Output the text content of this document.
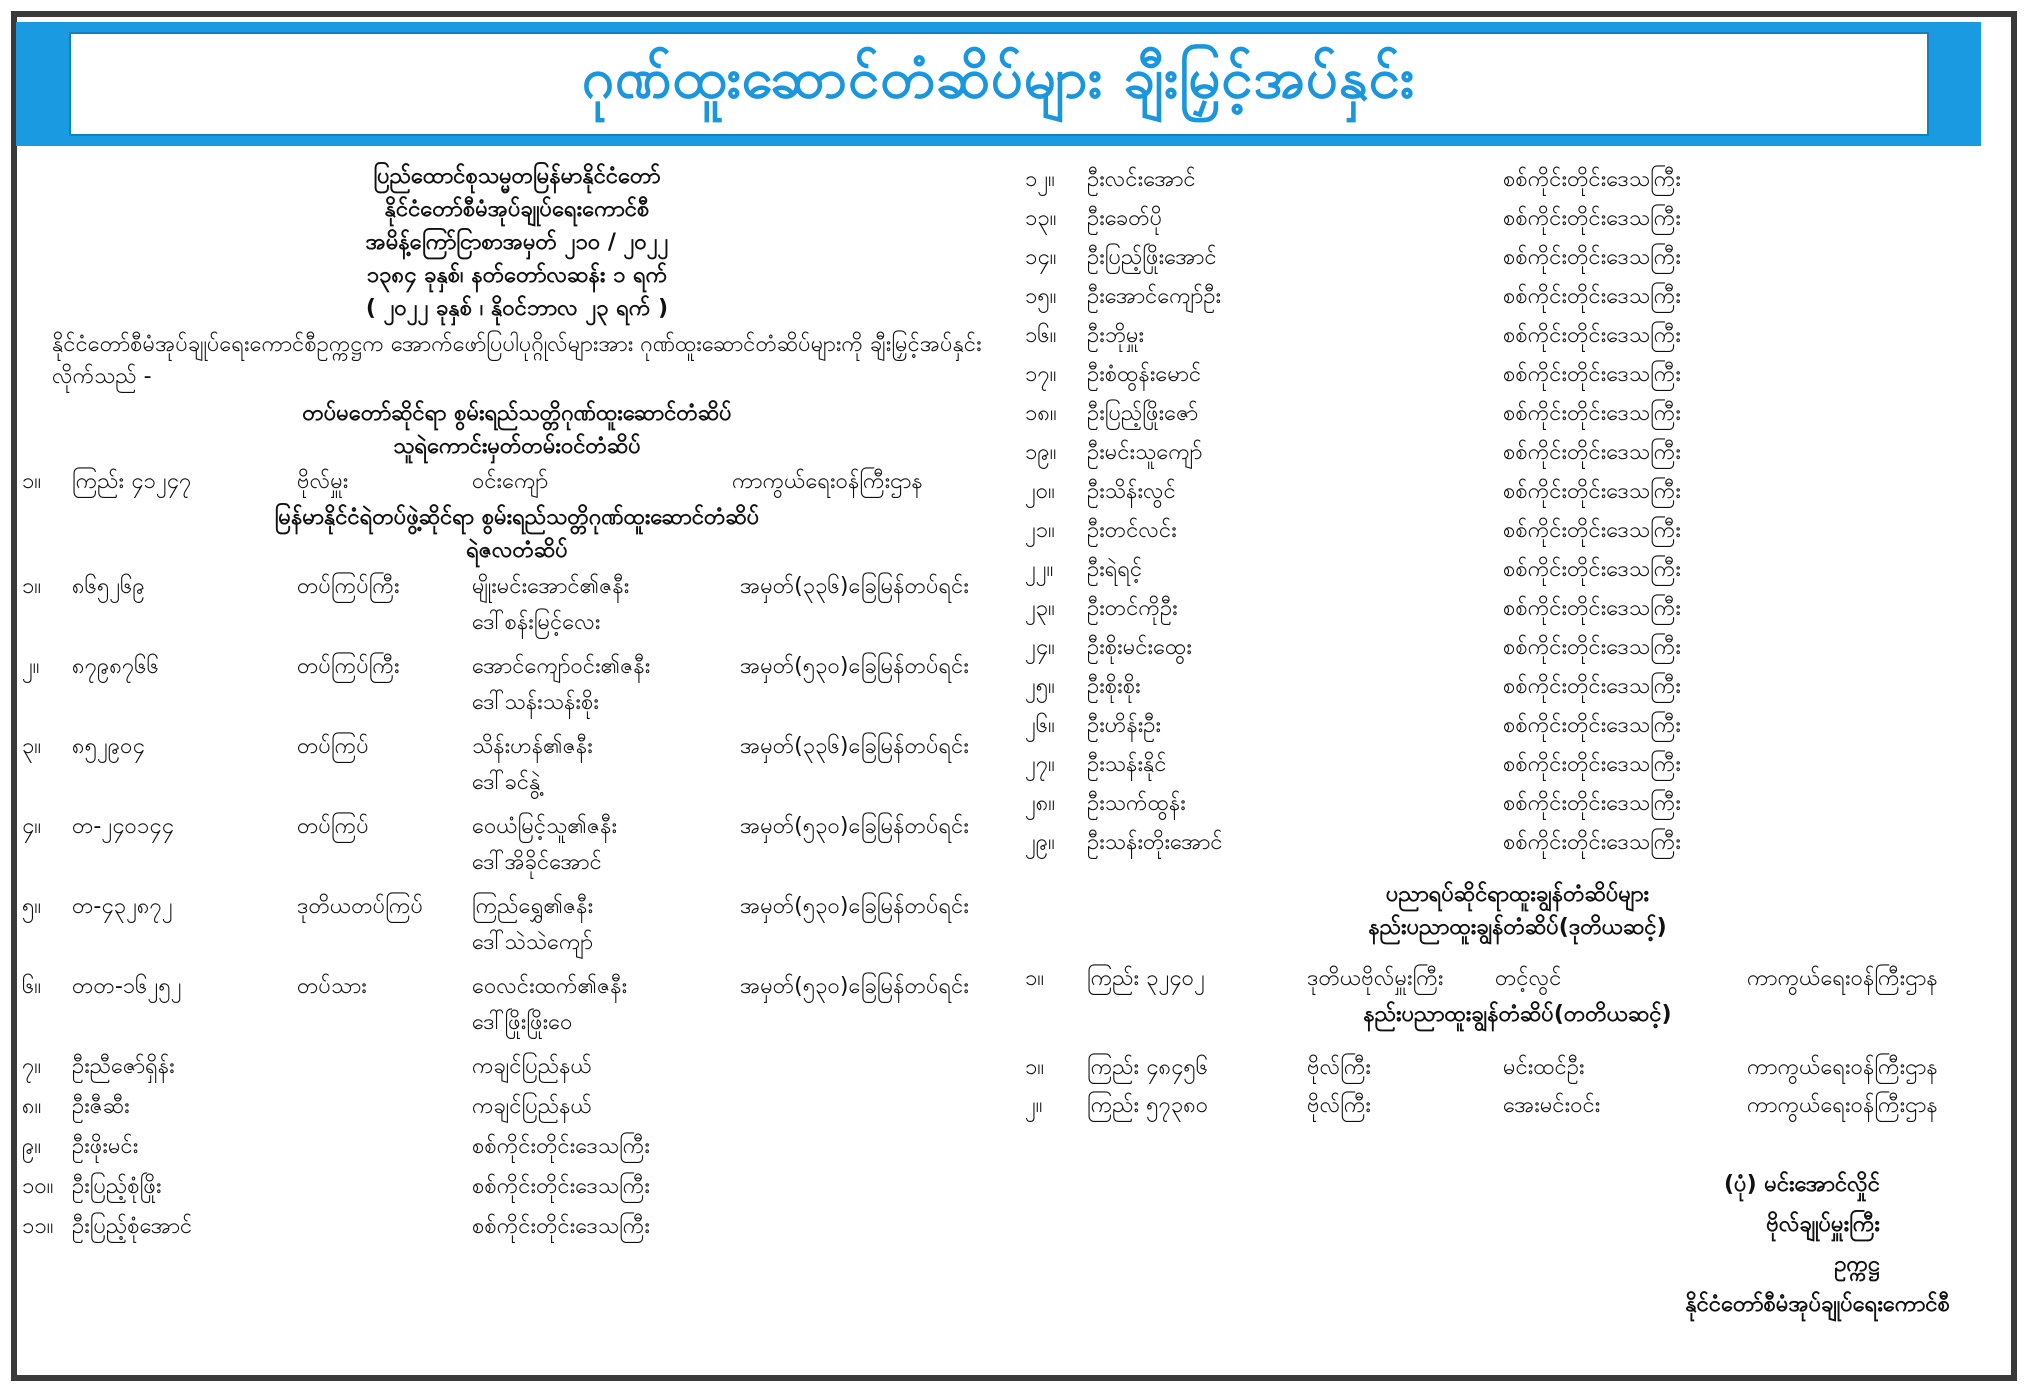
ဂုဏ်ထူးဆောင်တံဆိပ်များ ချီးမြှင့်အပ်နှင်း
ပြည်ထောင်စုသမ္မတမြန်မာနိုင်ငံတော်
နိုင်ငံတော်စီမံအုပ်ချုပ်ရေးကောင်စီ
အမိန့်ကြော်ငြာစာအမှတ် ၂၁၀ / ၂၀၂၂
၁၃၈၄ ခုနှစ်၊ နတ်တော်လဆန်း ၁ ရက်
( ၂၀၂၂ ခုနှစ် ၊ နိုဝင်ဘာလ ၂၃ ရက် )
နိုင်ငံတော်စီမံအုပ်ချုပ်ရေးကောင်စီဥက္ကဋ္ဌက အောက်ဖော်ပြပါပုဂ္ဂိုလ်များအား ဂုဏ်ထူးဆောင်တံဆိပ်များကို ချီးမြှင့်အပ်နှင်းလိုက်သည် -
တပ်မတော်ဆိုင်ရာ စွမ်းရည်သတ္တိဂုဏ်ထူးဆောင်တံဆိပ်
သူရဲကောင်းမှတ်တမ်းဝင်တံဆိပ်
၁။ ကြည်း ၄၁၂၄၇	ဗိုလ်မှူး	ဝင်းကျော်	ကာကွယ်ရေးဝန်ကြီးဌာန
မြန်မာနိုင်ငံရဲတပ်ဖွဲ့ဆိုင်ရာ စွမ်းရည်သတ္တိဂုဏ်ထူးဆောင်တံဆိပ်
ရဲဇလတံဆိပ်
၁။ ၈၆၅၂၆၉	တပ်ကြပ်ကြီး	မျိုးမင်းအောင်၏ဇနီး	အမှတ်(၃၃၆)ခြေမြန်တပ်ရင်း
ဒေါ်စန်းမြင့်လေး
၂။ ၈၇၉၈၇၆၆	တပ်ကြပ်ကြီး	အောင်ကျော်ဝင်း၏ဇနီး	အမှတ်(၅၃၀)ခြေမြန်တပ်ရင်း
ဒေါ်သန်းသန်းစိုး
၃။ ၈၅၂၉၀၄	တပ်ကြပ်	သိန်းဟန်၏ဇနီး	အမှတ်(၃၃၆)ခြေမြန်တပ်ရင်း
ဒေါ်ခင်နွဲ့
၄။ တ-၂၄၀၁၄၄	တပ်ကြပ်	ဝေယံမြင့်သူ၏ဇနီး	အမှတ်(၅၃၀)ခြေမြန်တပ်ရင်း
ဒေါ်အိခိုင်အောင်
၅။ တ-၄၃၂၈၇၂	ဒုတိယတပ်ကြပ် ကြည်ရွှေ၏ဇနီး	အမှတ်(၅၃၀)ခြေမြန်တပ်ရင်း
ဒေါ်သဲသဲကျော်
၆။ တတ-၁၆၂၅၂	တပ်သား	ဝေလင်းထက်၏ဇနီး	အမှတ်(၅၃၀)ခြေမြန်တပ်ရင်း
ဒေါ်ဖြိုးဖြိုးဝေ
၇။ ဦးညီဇော်ရှိန်း	ကချင်ပြည်နယ်
၈။ ဦးဇီဆီး	ကချင်ပြည်နယ်
၉။ ဦးဖိုးမင်း	စစ်ကိုင်းတိုင်းဒေသကြီး
၁၀။ ဦးပြည့်စုံဖြိုး	စစ်ကိုင်းတိုင်းဒေသကြီး
၁၁။ ဦးပြည့်စုံအောင်	စစ်ကိုင်းတိုင်းဒေသကြီး
၁၂။ ဦးလင်းအောင်	စစ်ကိုင်းတိုင်းဒေသကြီး
၁၃။ ဦးခေတ်ပို	စစ်ကိုင်းတိုင်းဒေသကြီး
၁၄။ ဦးပြည့်ဖြိုးအောင်	စစ်ကိုင်းတိုင်းဒေသကြီး
၁၅။ ဦးအောင်ကျော်ဦး	စစ်ကိုင်းတိုင်းဒေသကြီး
၁၆။ ဦးဘိုမှူး	စစ်ကိုင်းတိုင်းဒေသကြီး
၁၇။ ဦးစံထွန်းမောင်	စစ်ကိုင်းတိုင်းဒေသကြီး
၁၈။ ဦးပြည့်ဖြိုးဇော်	စစ်ကိုင်းတိုင်းဒေသကြီး
၁၉။ ဦးမင်းသူကျော်	စစ်ကိုင်းတိုင်းဒေသကြီး
၂၀။ ဦးသိန်းလွင်	စစ်ကိုင်းတိုင်းဒေသကြီး
၂၁။ ဦးတင်လင်း	စစ်ကိုင်းတိုင်းဒေသကြီး
၂၂။ ဦးရဲရင့်	စစ်ကိုင်းတိုင်းဒေသကြီး
၂၃။ ဦးတင်ကိုဦး	စစ်ကိုင်းတိုင်းဒေသကြီး
၂၄။ ဦးစိုးမင်းထွေး	စစ်ကိုင်းတိုင်းဒေသကြီး
၂၅။ ဦးစိုးစိုး	စစ်ကိုင်းတိုင်းဒေသကြီး
၂၆။ ဦးဟိန်းဦး	စစ်ကိုင်းတိုင်းဒေသကြီး
၂၇။ ဦးသန်းနိုင်	စစ်ကိုင်းတိုင်းဒေသကြီး
၂၈။ ဦးသက်ထွန်း	စစ်ကိုင်းတိုင်းဒေသကြီး
၂၉။ ဦးသန်းတိုးအောင်	စစ်ကိုင်းတိုင်းဒေသကြီး
ပညာရပ်ဆိုင်ရာထူးချွန်တံဆိပ်များ
နည်းပညာထူးချွန်တံဆိပ်(ဒုတိယဆင့်)
၁။ ကြည်း ၃၂၄၀၂	ဒုတိယဗိုလ်မှူးကြီး တင့်လွင်	ကာကွယ်ရေးဝန်ကြီးဌာန
နည်းပညာထူးချွန်တံဆိပ်(တတိယဆင့်)
၁။ ကြည်း ၄၈၄၅၆	ဗိုလ်ကြီး	မင်းထင်ဦး	ကာကွယ်ရေးဝန်ကြီးဌာန
၂။ ကြည်း ၅၇၃၈၀	ဗိုလ်ကြီး	အေးမင်းဝင်း	ကာကွယ်ရေးဝန်ကြီးဌာန
(ပုံ) မင်းအောင်လှိုင်
ဗိုလ်ချုပ်မှူးကြီး
ဥက္ကဋ္ဌ
နိုင်ငံတော်စီမံအုပ်ချုပ်ရေးကောင်စီ
